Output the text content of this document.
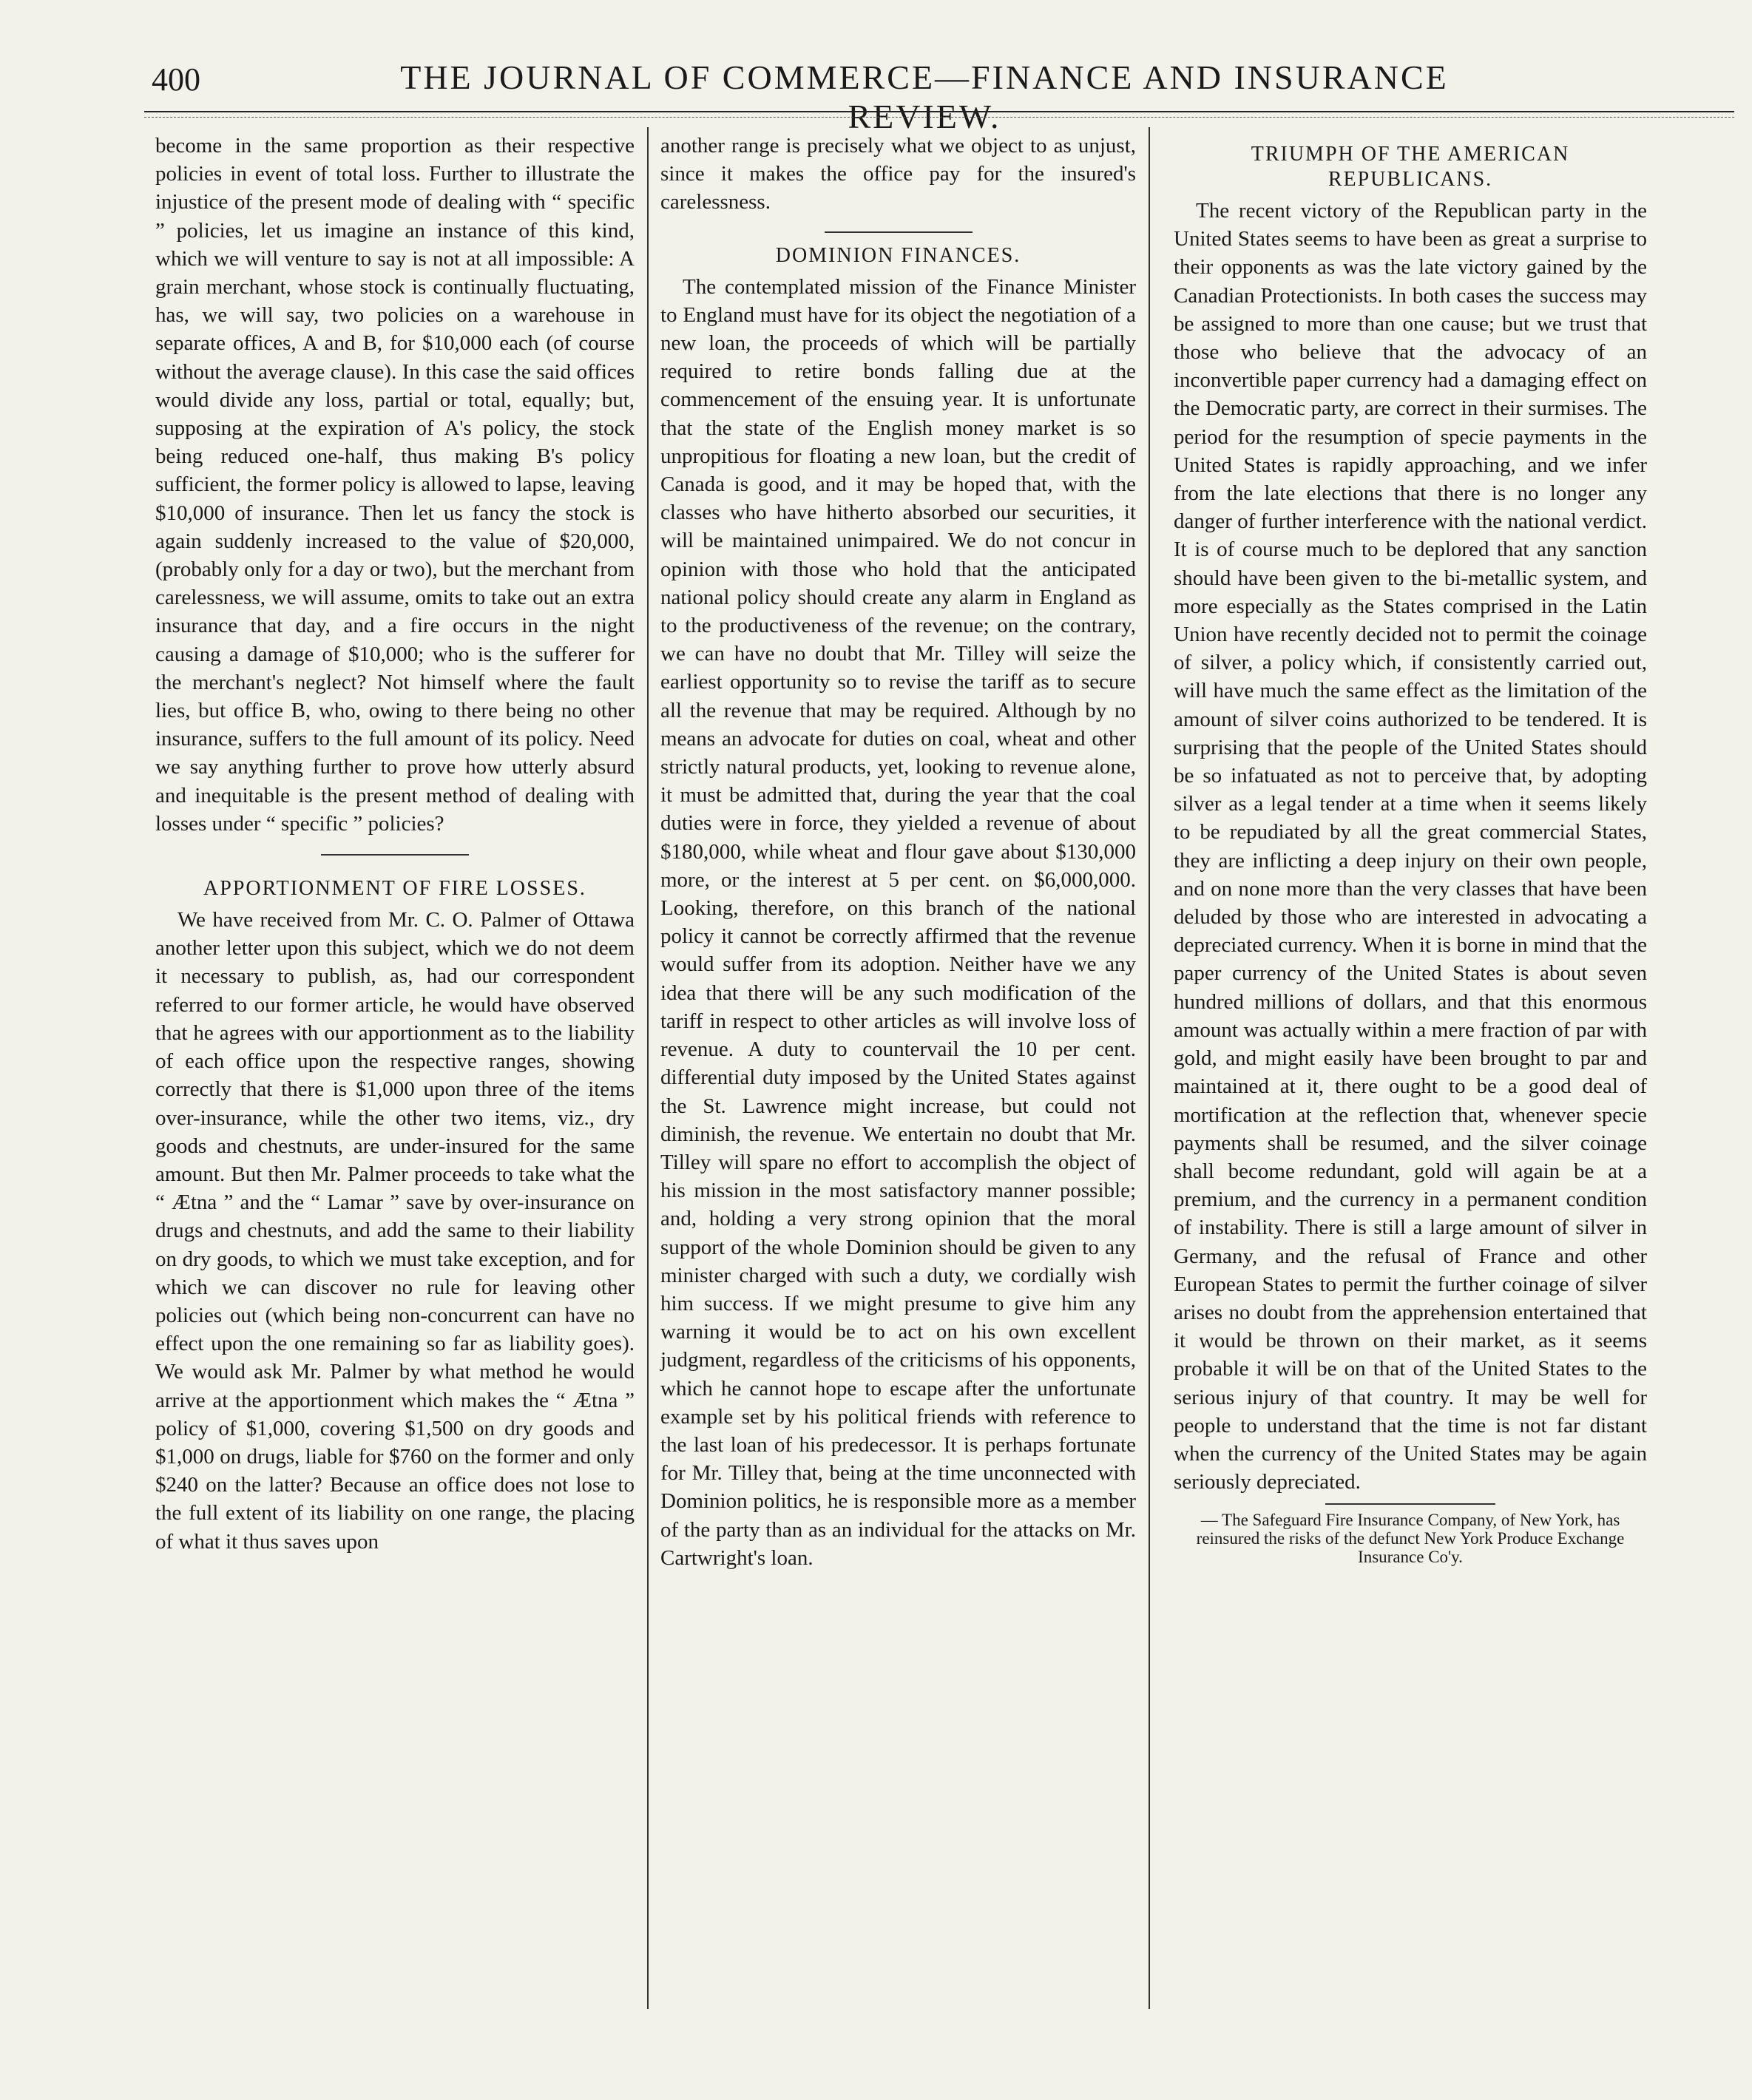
400	THE JOURNAL OF COMMERCE—FINANCE AND INSURANCE REVIEW.

become in the same proportion as their respective policies in event of total loss. Further to illustrate the injustice of the present mode of dealing with “ specific ” policies, let us imagine an instance of this kind, which we will venture to say is not at all impossible: A grain merchant, whose stock is continually fluctuating, has, we will say, two policies on a warehouse in separate offices, A and B, for $10,000 each (of course without the average clause). In this case the said offices would divide any loss, partial or total, equally; but, supposing at the expiration of A's policy, the stock being reduced one-half, thus making B's policy sufficient, the former policy is allowed to lapse, leaving $10,000 of insurance. Then let us fancy the stock is again suddenly increased to the value of $20,000, (probably only for a day or two), but the merchant from carelessness, we will assume, omits to take out an extra insurance that day, and a fire occurs in the night causing a damage of $10,000; who is the sufferer for the merchant's neglect? Not himself where the fault lies, but office B, who, owing to there being no other insurance, suffers to the full amount of its policy. Need we say anything further to prove how utterly absurd and inequitable is the present method of dealing with losses under “ specific ” policies?

APPORTIONMENT OF FIRE LOSSES.

We have received from Mr. C. O. Palmer of Ottawa another letter upon this subject, which we do not deem it necessary to publish, as, had our correspondent referred to our former article, he would have observed that he agrees with our apportionment as to the liability of each office upon the respective ranges, showing correctly that there is $1,000 upon three of the items over-insurance, while the other two items, viz., dry goods and chestnuts, are under-insured for the same amount. But then Mr. Palmer proceeds to take what the “ Ætna ” and the “ Lamar ” save by over-insurance on drugs and chestnuts, and add the same to their liability on dry goods, to which we must take exception, and for which we can discover no rule for leaving other policies out (which being non-concurrent can have no effect upon the one remaining so far as liability goes). We would ask Mr. Palmer by what method he would arrive at the apportionment which makes the “ Ætna ” policy of $1,000, covering $1,500 on dry goods and $1,000 on drugs, liable for $760 on the former and only $240 on the latter? Because an office does not lose to the full extent of its liability on one range, the placing of what it thus saves upon

another range is precisely what we object to as unjust, since it makes the office pay for the insured's carelessness.

DOMINION FINANCES.

The contemplated mission of the Finance Minister to England must have for its object the negotiation of a new loan, the proceeds of which will be partially required to retire bonds falling due at the commencement of the ensuing year. It is unfortunate that the state of the English money market is so unpropitious for floating a new loan, but the credit of Canada is good, and it may be hoped that, with the classes who have hitherto absorbed our securities, it will be maintained unimpaired. We do not concur in opinion with those who hold that the anticipated national policy should create any alarm in England as to the productiveness of the revenue; on the contrary, we can have no doubt that Mr. Tilley will seize the earliest opportunity so to revise the tariff as to secure all the revenue that may be required. Although by no means an advocate for duties on coal, wheat and other strictly natural products, yet, looking to revenue alone, it must be admitted that, during the year that the coal duties were in force, they yielded a revenue of about $180,000, while wheat and flour gave about $130,000 more, or the interest at 5 per cent. on $6,000,000. Looking, therefore, on this branch of the national policy it cannot be correctly affirmed that the revenue would suffer from its adoption. Neither have we any idea that there will be any such modification of the tariff in respect to other articles as will involve loss of revenue. A duty to countervail the 10 per cent. differential duty imposed by the United States against the St. Lawrence might increase, but could not diminish, the revenue. We entertain no doubt that Mr. Tilley will spare no effort to accomplish the object of his mission in the most satisfactory manner possible; and, holding a very strong opinion that the moral support of the whole Dominion should be given to any minister charged with such a duty, we cordially wish him success. If we might presume to give him any warning it would be to act on his own excellent judgment, regardless of the criticisms of his opponents, which he cannot hope to escape after the unfortunate example set by his political friends with reference to the last loan of his predecessor. It is perhaps fortunate for Mr. Tilley that, being at the time unconnected with Dominion politics, he is responsible more as a member of the party than as an individual for the attacks on Mr. Cartwright's loan.

TRIUMPH OF THE AMERICAN
REPUBLICANS.

The recent victory of the Republican party in the United States seems to have been as great a surprise to their opponents as was the late victory gained by the Canadian Protectionists. In both cases the success may be assigned to more than one cause; but we trust that those who believe that the advocacy of an inconvertible paper currency had a damaging effect on the Democratic party, are correct in their surmises. The period for the resumption of specie payments in the United States is rapidly approaching, and we infer from the late elections that there is no longer any danger of further interference with the national verdict. It is of course much to be deplored that any sanction should have been given to the bi-metallic system, and more especially as the States comprised in the Latin Union have recently decided not to permit the coinage of silver, a policy which, if consistently carried out, will have much the same effect as the limitation of the amount of silver coins authorized to be tendered. It is surprising that the people of the United States should be so infatuated as not to perceive that, by adopting silver as a legal tender at a time when it seems likely to be repudiated by all the great commercial States, they are inflicting a deep injury on their own people, and on none more than the very classes that have been deluded by those who are interested in advocating a depreciated currency. When it is borne in mind that the paper currency of the United States is about seven hundred millions of dollars, and that this enormous amount was actually within a mere fraction of par with gold, and might easily have been brought to par and maintained at it, there ought to be a good deal of mortification at the reflection that, whenever specie payments shall be resumed, and the silver coinage shall become redundant, gold will again be at a premium, and the currency in a permanent condition of instability. There is still a large amount of silver in Germany, and the refusal of France and other European States to permit the further coinage of silver arises no doubt from the apprehension entertained that it would be thrown on their market, as it seems probable it will be on that of the United States to the serious injury of that country. It may be well for people to understand that the time is not far distant when the currency of the United States may be again seriously depreciated.

— The Safeguard Fire Insurance Company, of New York, has reinsured the risks of the defunct New York Produce Exchange Insurance Co'y.
